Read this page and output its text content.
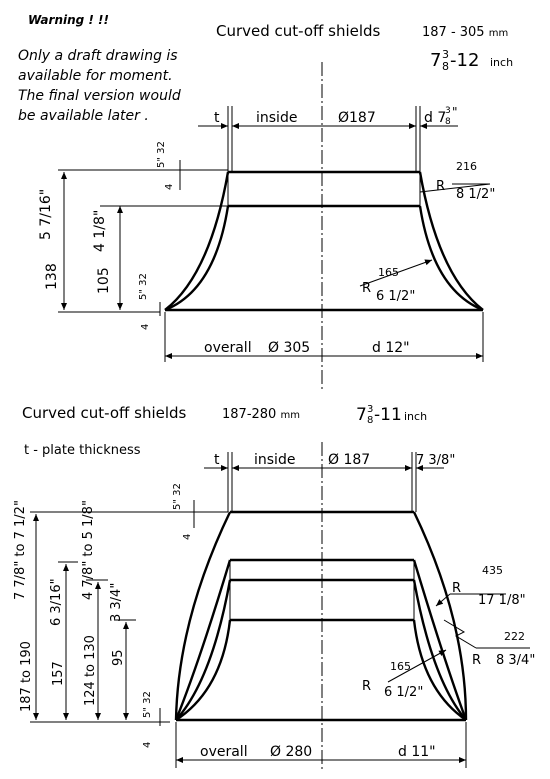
Warning ! !!
Only a draft drawing is
available for moment.
The final version would
be available later .
Curved cut-off shields	187 - 305 mm
7 3
8 -12 inch
t	inside	Ø187	d 7
3
8
"
5 7/16"
138
4 1/8"
105
5" 32
4
5" 32
4
R
216
8 1/2"
R
165
6 1/2"
overall Ø 305	d 12"
Curved cut-off shields	187-280 mm	7 3
8 -11 inch
t - plate thickness
t inside Ø 187	7 3/8"
7 7/8" to 7 1/2"
187 to 190
6 3/16"
157
4 7/8" to 5 1/8"
124 to 130
3 3/4"
95
5" 32
4
5" 32
4
R
435
17 1/8"
R
222
8 3/4"
R
165
6 1/2"
overall Ø 280	d 11"
